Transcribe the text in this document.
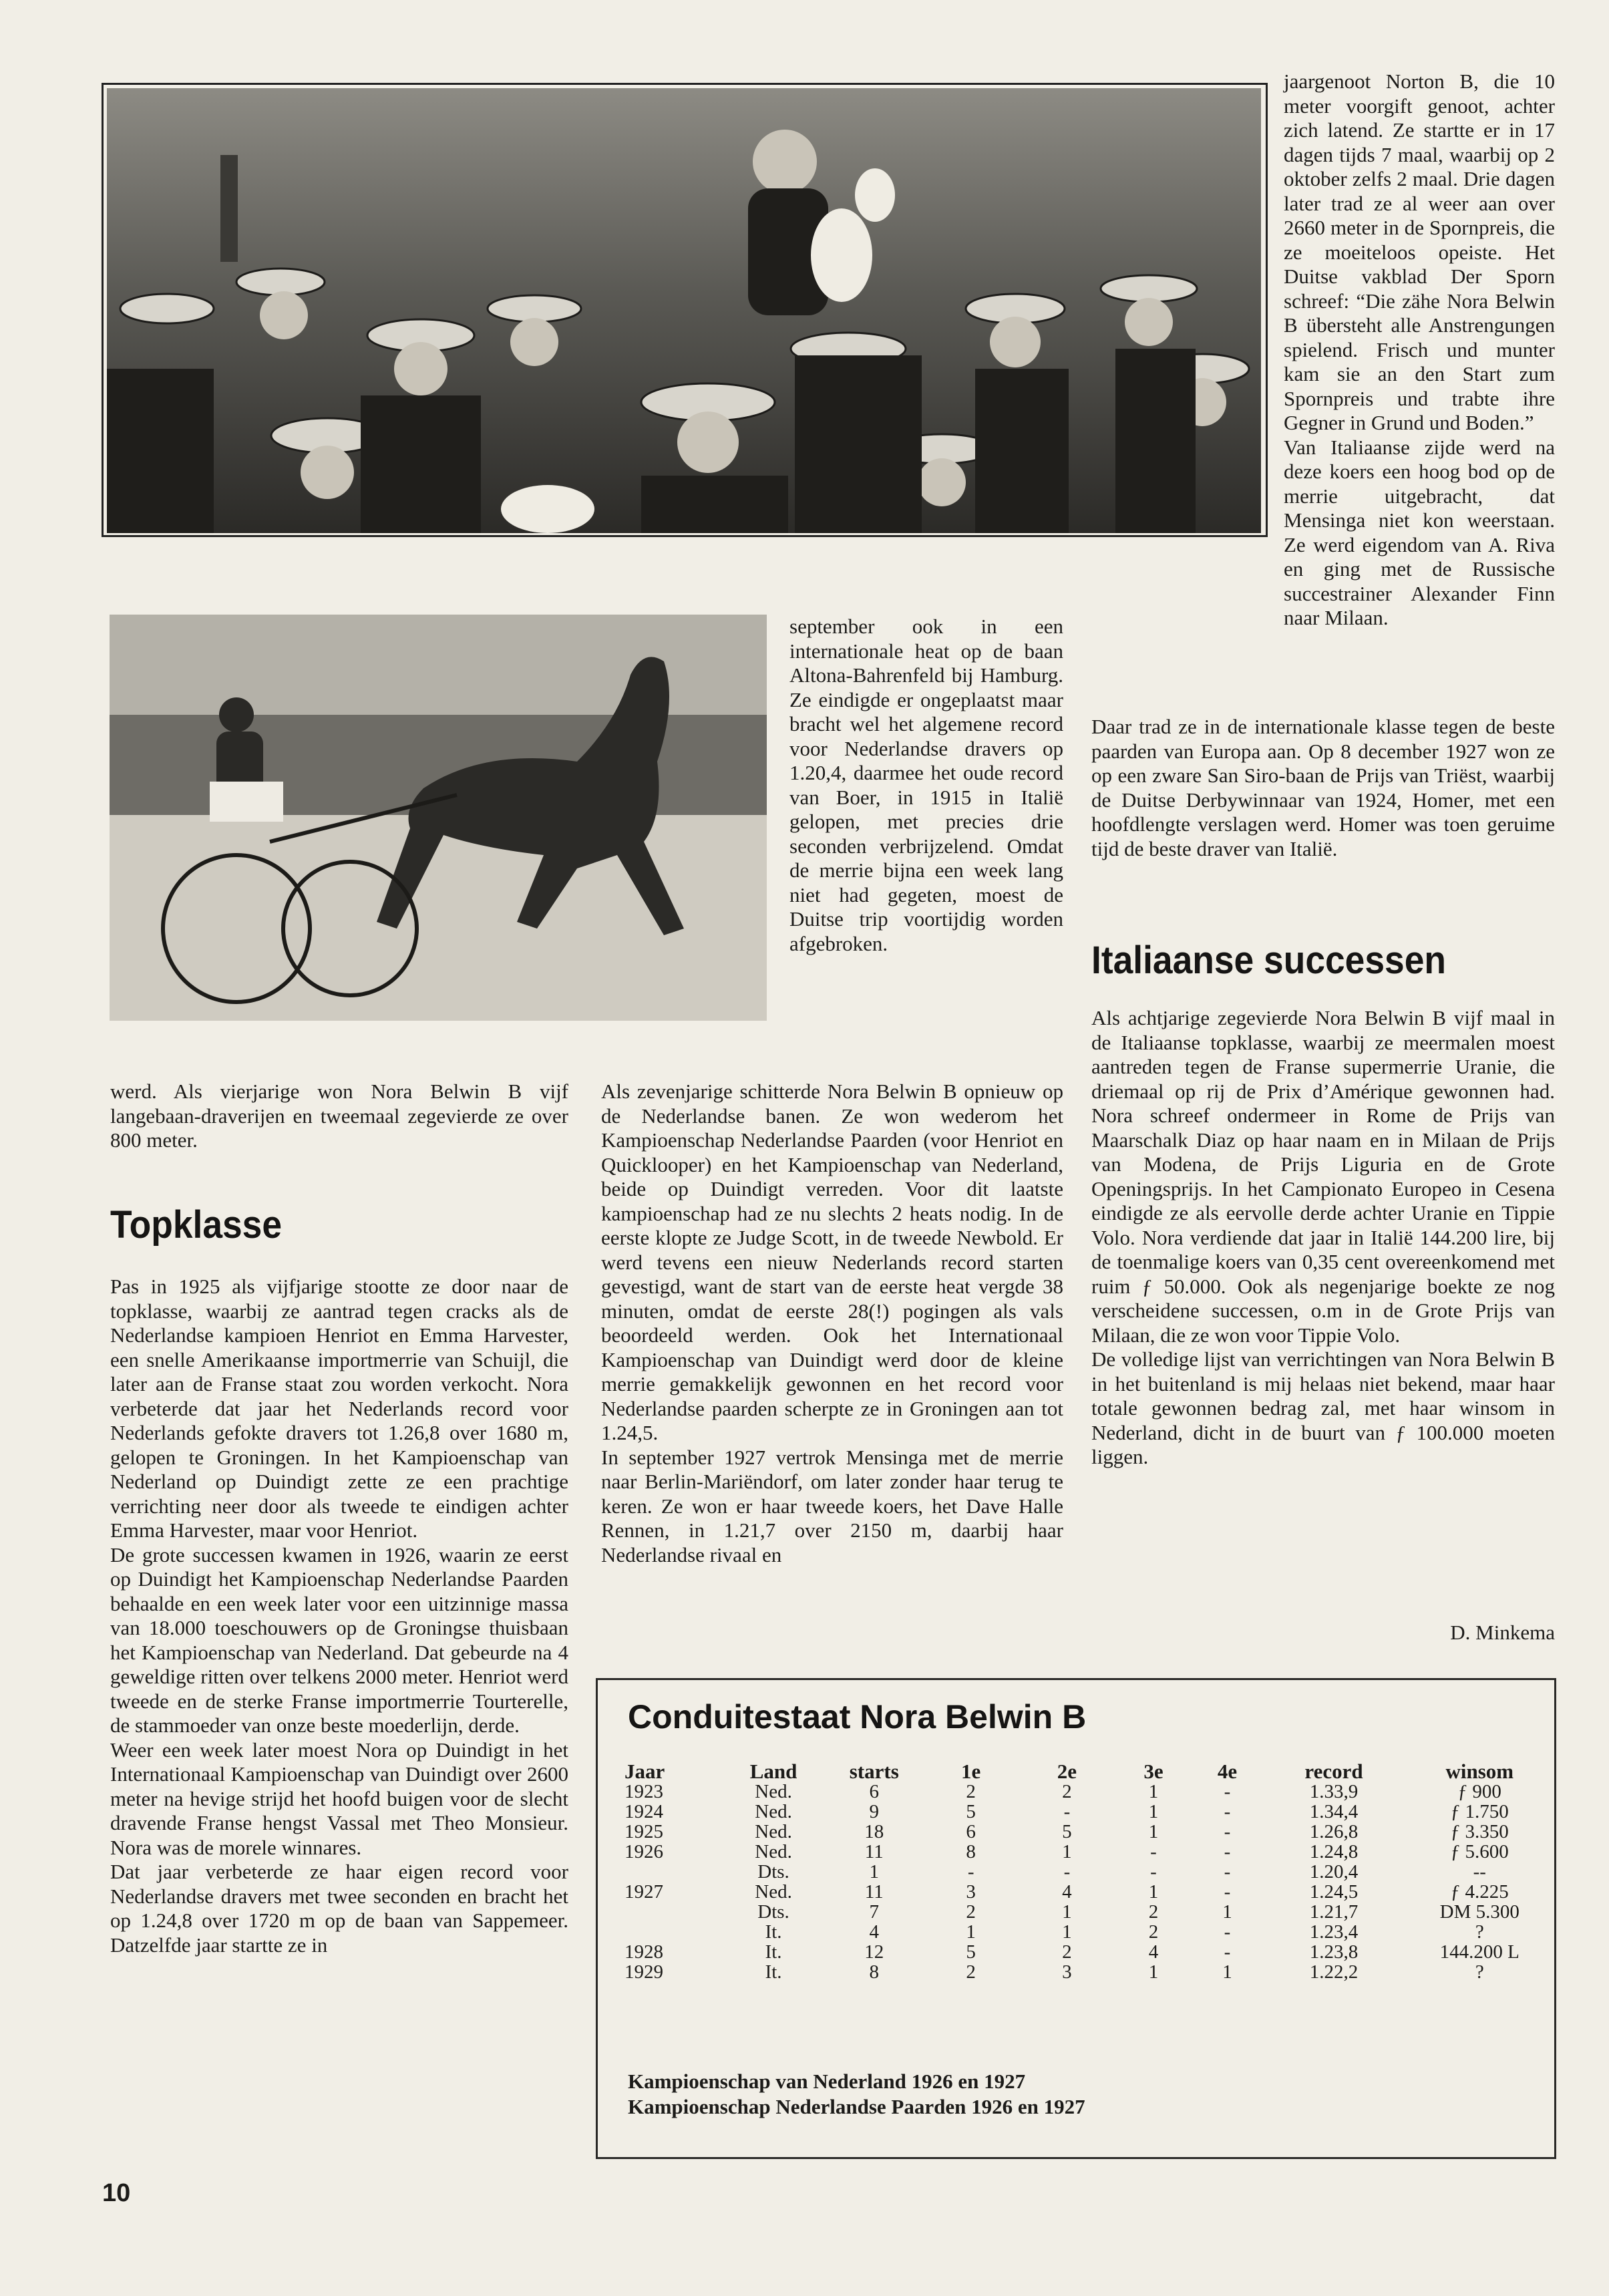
jaargenoot Norton B, die 10 meter voorgift genoot, achter zich latend. Ze startte er in 17 dagen tijds 7 maal, waarbij op 2 oktober zelfs 2 maal. Drie dagen later trad ze al weer aan over 2660 meter in de Spornpreis, die ze moeiteloos opeiste. Het Duitse vakblad Der Sporn schreef: “Die zähe Nora Belwin B übersteht alle Anstrengungen spielend. Frisch und munter kam sie an den Start zum Spornpreis und trabte ihre Gegner in Grund und Boden.”

Van Italiaanse zijde werd na deze koers een hoog bod op de merrie uitgebracht, dat Mensinga niet kon weerstaan. Ze werd eigendom van A. Riva en ging met de Russische succestrainer Alexander Finn naar Milaan.

Daar trad ze in de internationale klasse tegen de beste paarden van Europa aan. Op 8 december 1927 won ze op een zware San Siro-baan de Prijs van Triëst, waarbij de Duitse Derbywinnaar van 1924, Homer, met een hoofdlengte verslagen werd. Homer was toen geruime tijd de beste draver van Italië.

september ook in een internationale heat op de baan Altona-Bahrenfeld bij Hamburg. Ze eindigde er ongeplaatst maar bracht wel het algemene record voor Nederlandse dravers op 1.20,4, daarmee het oude record van Boer, in 1915 in Italië gelopen, met precies drie seconden verbrijzelend. Omdat de merrie bijna een week lang niet had gegeten, moest de Duitse trip voortijdig worden afgebroken.

Als zevenjarige schitterde Nora Belwin B opnieuw op de Nederlandse banen. Ze won wederom het Kampioenschap Nederlandse Paarden (voor Henriot en Quicklooper) en het Kampioenschap van Nederland, beide op Duindigt verreden. Voor dit laatste kampioenschap had ze nu slechts 2 heats nodig. In de eerste klopte ze Judge Scott, in de tweede Newbold. Er werd tevens een nieuw Nederlands record starten gevestigd, want de start van de eerste heat vergde 38 minuten, omdat de eerste 28(!) pogingen als vals beoordeeld werden. Ook het Internationaal Kampioenschap van Duindigt werd door de kleine merrie gemakkelijk gewonnen en het record voor Nederlandse paarden scherpte ze in Groningen aan tot 1.24,5.

In september 1927 vertrok Mensinga met de merrie naar Berlin-Mariëndorf, om later zonder haar terug te keren. Ze won er haar tweede koers, het Dave Halle Rennen, in 1.21,7 over 2150 m, daarbij haar Nederlandse rivaal en

werd. Als vierjarige won Nora Belwin B vijf langebaan-draverijen en tweemaal zegevierde ze over 800 meter.

Topklasse

Pas in 1925 als vijfjarige stootte ze door naar de topklasse, waarbij ze aantrad tegen cracks als de Nederlandse kampioen Henriot en Emma Harvester, een snelle Amerikaanse importmerrie van Schuijl, die later aan de Franse staat zou worden verkocht. Nora verbeterde dat jaar het Nederlands record voor Nederlands gefokte dravers tot 1.26,8 over 1680 m, gelopen te Groningen. In het Kampioenschap van Nederland op Duindigt zette ze een prachtige verrichting neer door als tweede te eindigen achter Emma Harvester, maar voor Henriot.

De grote successen kwamen in 1926, waarin ze eerst op Duindigt het Kampioenschap Nederlandse Paarden behaalde en een week later voor een uitzinnige massa van 18.000 toeschouwers op de Groningse thuisbaan het Kampioenschap van Nederland. Dat gebeurde na 4 geweldige ritten over telkens 2000 meter. Henriot werd tweede en de sterke Franse importmerrie Tourterelle, de stammoeder van onze beste moederlijn, derde.

Weer een week later moest Nora op Duindigt in het Internationaal Kampioenschap van Duindigt over 2600 meter na hevige strijd het hoofd buigen voor de slecht dravende Franse hengst Vassal met Theo Monsieur. Nora was de morele winnares.

Dat jaar verbeterde ze haar eigen record voor Nederlandse dravers met twee seconden en bracht het op 1.24,8 over 1720 m op de baan van Sappemeer. Datzelfde jaar startte ze in

Italiaanse successen

Als achtjarige zegevierde Nora Belwin B vijf maal in de Italiaanse topklasse, waarbij ze meermalen moest aantreden tegen de Franse supermerrie Uranie, die driemaal op rij de Prix d’Amérique gewonnen had. Nora schreef ondermeer in Rome de Prijs van Maarschalk Diaz op haar naam en in Milaan de Prijs van Modena, de Prijs Liguria en de Grote Openingsprijs. In het Campionato Europeo in Cesena eindigde ze als eervolle derde achter Uranie en Tippie Volo. Nora verdiende dat jaar in Italië 144.200 lire, bij de toenmalige koers van 0,35 cent overeenkomend met ruim ƒ 50.000. Ook als negenjarige boekte ze nog verscheidene successen, o.m in de Grote Prijs van Milaan, die ze won voor Tippie Volo.

De volledige lijst van verrichtingen van Nora Belwin B in het buitenland is mij helaas niet bekend, maar haar totale gewonnen bedrag zal, met haar winsom in Nederland, dicht in de buurt van ƒ 100.000 moeten liggen.

D. Minkema
Conduitestaat Nora Belwin B
Jaar	Land	starts	1e	2e	3e	4e	record	winsom
1923	Ned.	6	2	2	1	-	1.33,9	ƒ 900
1924	Ned.	9	5	-	1	-	1.34,4	ƒ 1.750
1925	Ned.	18	6	5	1	-	1.26,8	ƒ 3.350
1926	Ned.	11	8	1	-	-	1.24,8	ƒ 5.600
	Dts.	1	-	-	-	-	1.20,4	--
1927	Ned.	11	3	4	1	-	1.24,5	ƒ 4.225
	Dts.	7	2	1	2	1	1.21,7	DM 5.300
	It.	4	1	1	2	-	1.23,4	?
1928	It.	12	5	2	4	-	1.23,8	144.200 L
1929	It.	8	2	3	1	1	1.22,2	?
Kampioenschap van Nederland 1926 en 1927
Kampioenschap Nederlandse Paarden 1926 en 1927
10
